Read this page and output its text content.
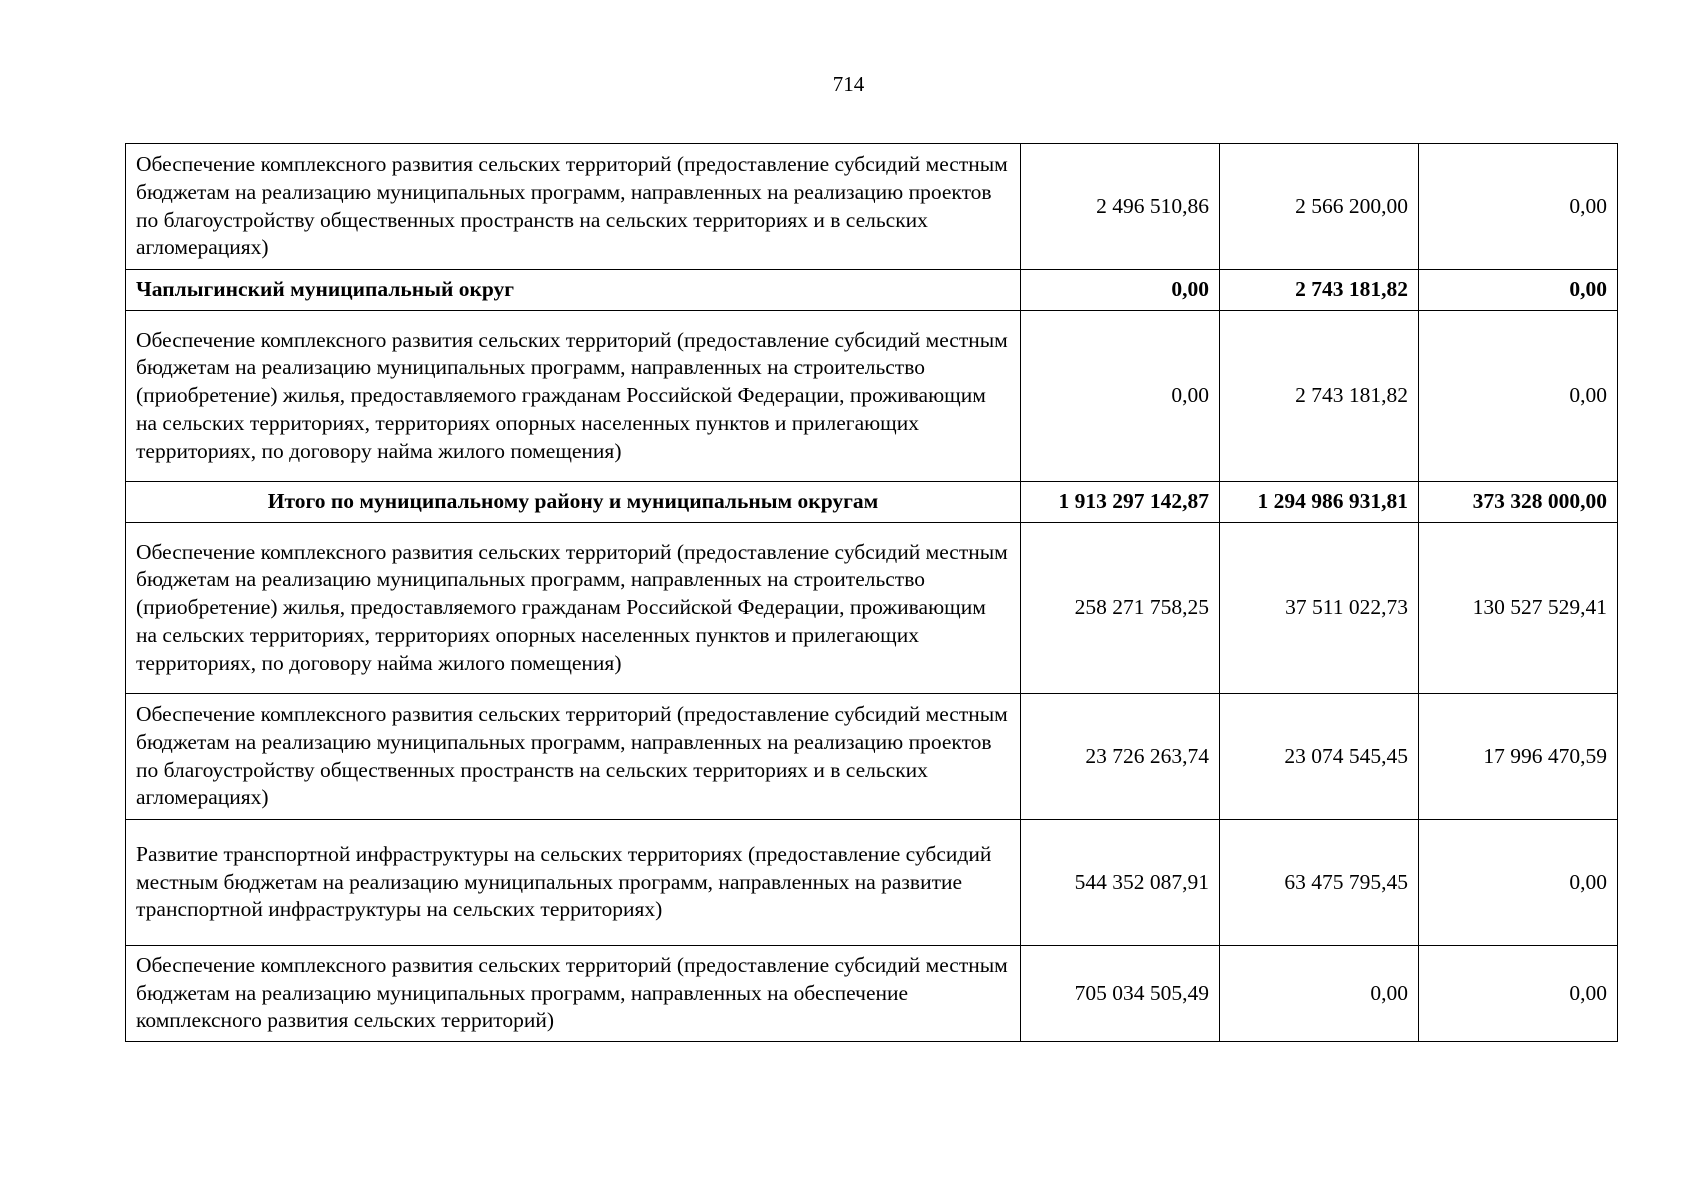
714
Обеспечение комплексного развития сельских территорий (предоставление субсидий местным бюджетам на реализацию муниципальных программ, направленных на реализацию проектов по благоустройству общественных пространств на сельских территориях и в сельских агломерациях)	2 496 510,86	2 566 200,00	0,00
Чаплыгинский муниципальный округ	0,00	2 743 181,82	0,00
Обеспечение комплексного развития сельских территорий (предоставление субсидий местным бюджетам на реализацию муниципальных программ, направленных на строительство (приобретение) жилья, предоставляемого гражданам Российской Федерации, проживающим на сельских территориях, территориях опорных населенных пунктов и прилегающих территориях, по договору найма жилого помещения)	0,00	2 743 181,82	0,00
Итого по муниципальному району и муниципальным округам	1 913 297 142,87	1 294 986 931,81	373 328 000,00
Обеспечение комплексного развития сельских территорий (предоставление субсидий местным бюджетам на реализацию муниципальных программ, направленных на строительство (приобретение) жилья, предоставляемого гражданам Российской Федерации, проживающим на сельских территориях, территориях опорных населенных пунктов и прилегающих территориях, по договору найма жилого помещения)	258 271 758,25	37 511 022,73	130 527 529,41
Обеспечение комплексного развития сельских территорий (предоставление субсидий местным бюджетам на реализацию муниципальных программ, направленных на реализацию проектов по благоустройству общественных пространств на сельских территориях и в сельских агломерациях)	23 726 263,74	23 074 545,45	17 996 470,59
Развитие транспортной инфраструктуры на сельских территориях (предоставление субсидий местным бюджетам на реализацию муниципальных программ, направленных на развитие транспортной инфраструктуры на сельских территориях)	544 352 087,91	63 475 795,45	0,00
Обеспечение комплексного развития сельских территорий (предоставление субсидий местным бюджетам на реализацию муниципальных программ, направленных на обеспечение комплексного развития сельских территорий)	705 034 505,49	0,00	0,00
